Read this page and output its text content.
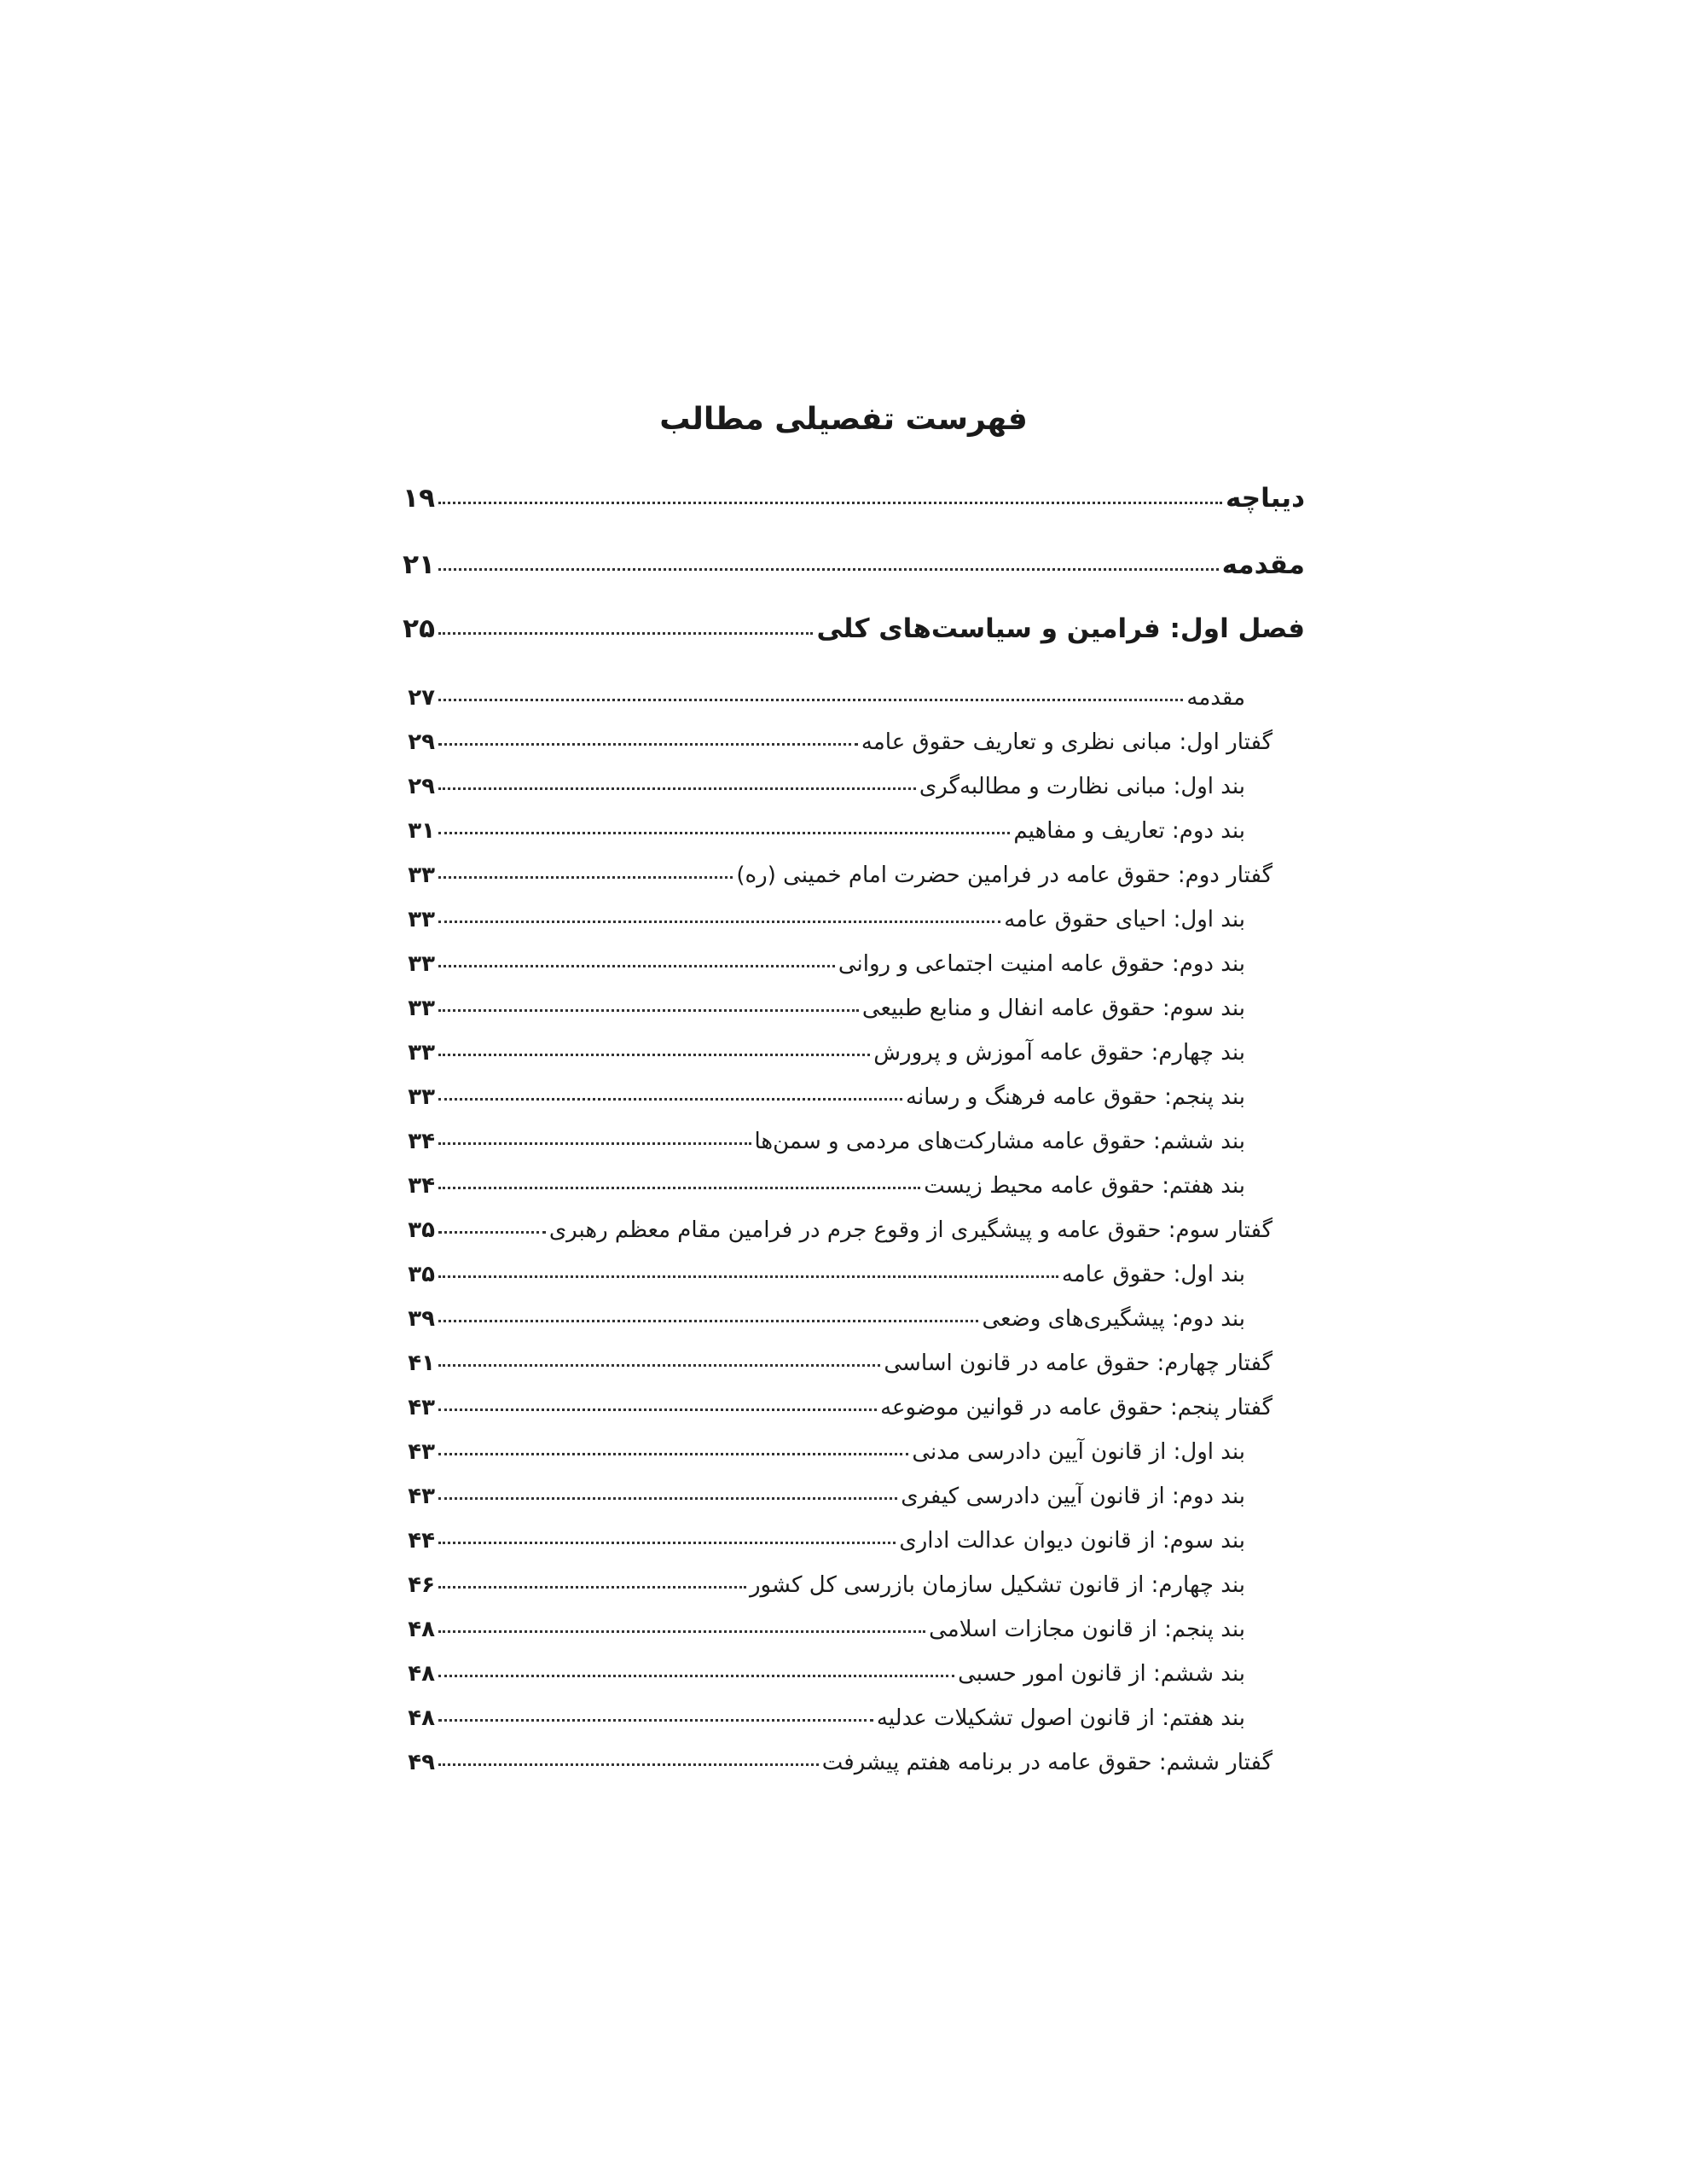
فهرست تفصیلی مطالب
دیباچه
۱۹
مقدمه
۲۱
فصل اول: فرامین و سیاست‌های کلی
۲۵
مقدمه
۲۷
گفتار اول: مبانی نظری و تعاریف حقوق عامه
۲۹
بند اول: مبانی نظارت و مطالبه‌گری
۲۹
بند دوم: تعاریف و مفاهیم
۳۱
گفتار دوم: حقوق عامه در فرامین حضرت امام خمینی (ره)
۳۳
بند اول: احیای حقوق عامه
۳۳
بند دوم: حقوق عامه امنیت اجتماعی و روانی
۳۳
بند سوم: حقوق عامه انفال و منابع طبیعی
۳۳
بند چهارم: حقوق عامه آموزش و پرورش
۳۳
بند پنجم: حقوق عامه فرهنگ و رسانه
۳۳
بند ششم: حقوق عامه مشارکت‌های مردمی و سمن‌ها
۳۴
بند هفتم: حقوق عامه محیط زیست
۳۴
گفتار سوم: حقوق عامه و پیشگیری از وقوع جرم در فرامین مقام معظم رهبری
۳۵
بند اول: حقوق عامه
۳۵
بند دوم: پیشگیری‌های وضعی
۳۹
گفتار چهارم: حقوق عامه در قانون اساسی
۴۱
گفتار پنجم: حقوق عامه در قوانین موضوعه
۴۳
بند اول: از قانون آیین دادرسی مدنی
۴۳
بند دوم: از قانون آیین دادرسی کیفری
۴۳
بند سوم: از قانون دیوان عدالت اداری
۴۴
بند چهارم: از قانون تشکیل سازمان بازرسی کل کشور
۴۶
بند پنجم: از قانون مجازات اسلامی
۴۸
بند ششم: از قانون امور حسبی
۴۸
بند هفتم: از قانون اصول تشکیلات عدلیه
۴۸
گفتار ششم: حقوق عامه در برنامه هفتم پیشرفت
۴۹
